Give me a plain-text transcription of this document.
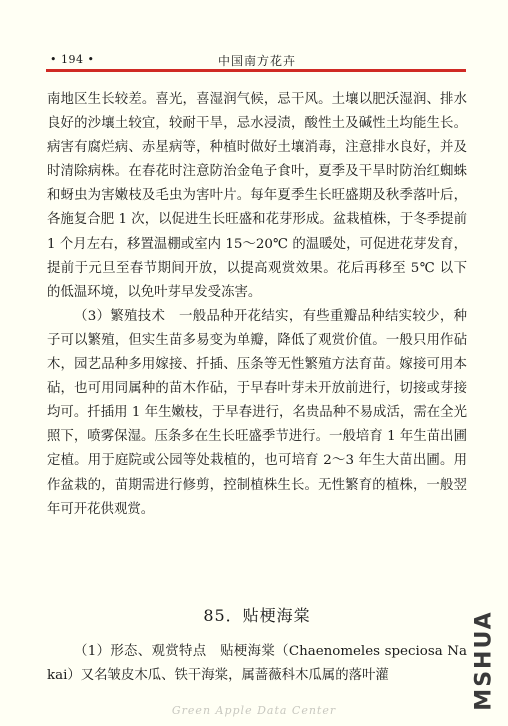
• 194 •	中国南方花卉

南地区生长较差。喜光，喜湿润气候，忌干风。土壤以肥沃湿润、排水良好的沙壤土较宜，较耐干旱，忌水浸渍，酸性土及碱性土均能生长。病害有腐烂病、赤星病等，种植时做好土壤消毒，注意排水良好，并及时清除病株。在春花时注意防治金龟子食叶，夏季及干旱时防治红蜘蛛和蚜虫为害嫩枝及毛虫为害叶片。每年夏季生长旺盛期及秋季落叶后，各施复合肥 1 次，以促进生长旺盛和花芽形成。盆栽植株，于冬季提前 1 个月左右，移置温棚或室内 15～20℃ 的温暖处，可促进花芽发育，提前于元旦至春节期间开放，以提高观赏效果。花后再移至 5℃ 以下的低温环境，以免叶芽早发受冻害。

（3）繁殖技术　一般品种开花结实，有些重瓣品种结实较少，种子可以繁殖，但实生苗多易变为单瓣，降低了观赏价值。一般只用作砧木，园艺品种多用嫁接、扦插、压条等无性繁殖方法育苗。嫁接可用本砧，也可用同属种的苗木作砧，于早春叶芽未开放前进行，切接或芽接均可。扦插用 1 年生嫩枝，于早春进行，名贵品种不易成活，需在全光照下，喷雾保湿。压条多在生长旺盛季节进行。一般培育 1 年生苗出圃定植。用于庭院或公园等处栽植的，也可培育 2～3 年生大苗出圃。用作盆栽的，苗期需进行修剪，控制植株生长。无性繁育的植株，一般翌年可开花供观赏。

85．贴梗海棠

（1）形态、观赏特点　贴梗海棠（Chaenomeles speciosa Nakai）又名皱皮木瓜、铁干海棠，属蔷薇科木瓜属的落叶灌	MSHUA
Green Apple Data Center
